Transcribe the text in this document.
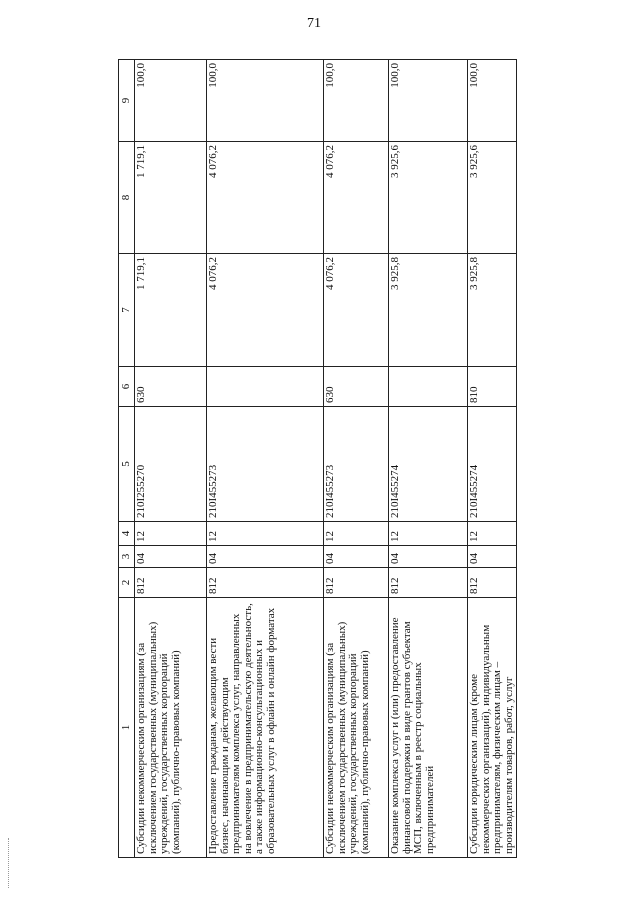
71
1	2	3	4	5	6	7	8	9
Субсидии некоммерческим организациям (за исключением государственных (муниципальных) учреждений, государственных корпораций (компаний), публично-правовых компаний)	812	04	12	210I255270	630	1 719,1	1 719,1	100,0
Предоставление гражданам, желающим вести бизнес, начинающим и действующим предпринимателям комплекса услуг, направленных на вовлечение в предпринимательскую деятельность, а также информационно-консультационных и образовательных услуг в офлайн и онлайн форматах	812	04	12	210I455273		4 076,2	4 076,2	100,0
Субсидии некоммерческим организациям (за исключением государственных (муниципальных) учреждений, государственных корпораций (компаний), публично-правовых компаний)	812	04	12	210I455273	630	4 076,2	4 076,2	100,0
Оказание комплекса услуг и (или) предоставление финансовой поддержки в виде грантов субъектам МСП, включенным в реестр социальных предпринимателей	812	04	12	210I455274		3 925,8	3 925,6	100,0
Субсидии юридическим лицам (кроме некоммерческих организаций), индивидуальным предпринимателям, физическим лицам – производителям товаров, работ, услуг	812	04	12	210I455274	810	3 925,8	3 925,6	100,0
